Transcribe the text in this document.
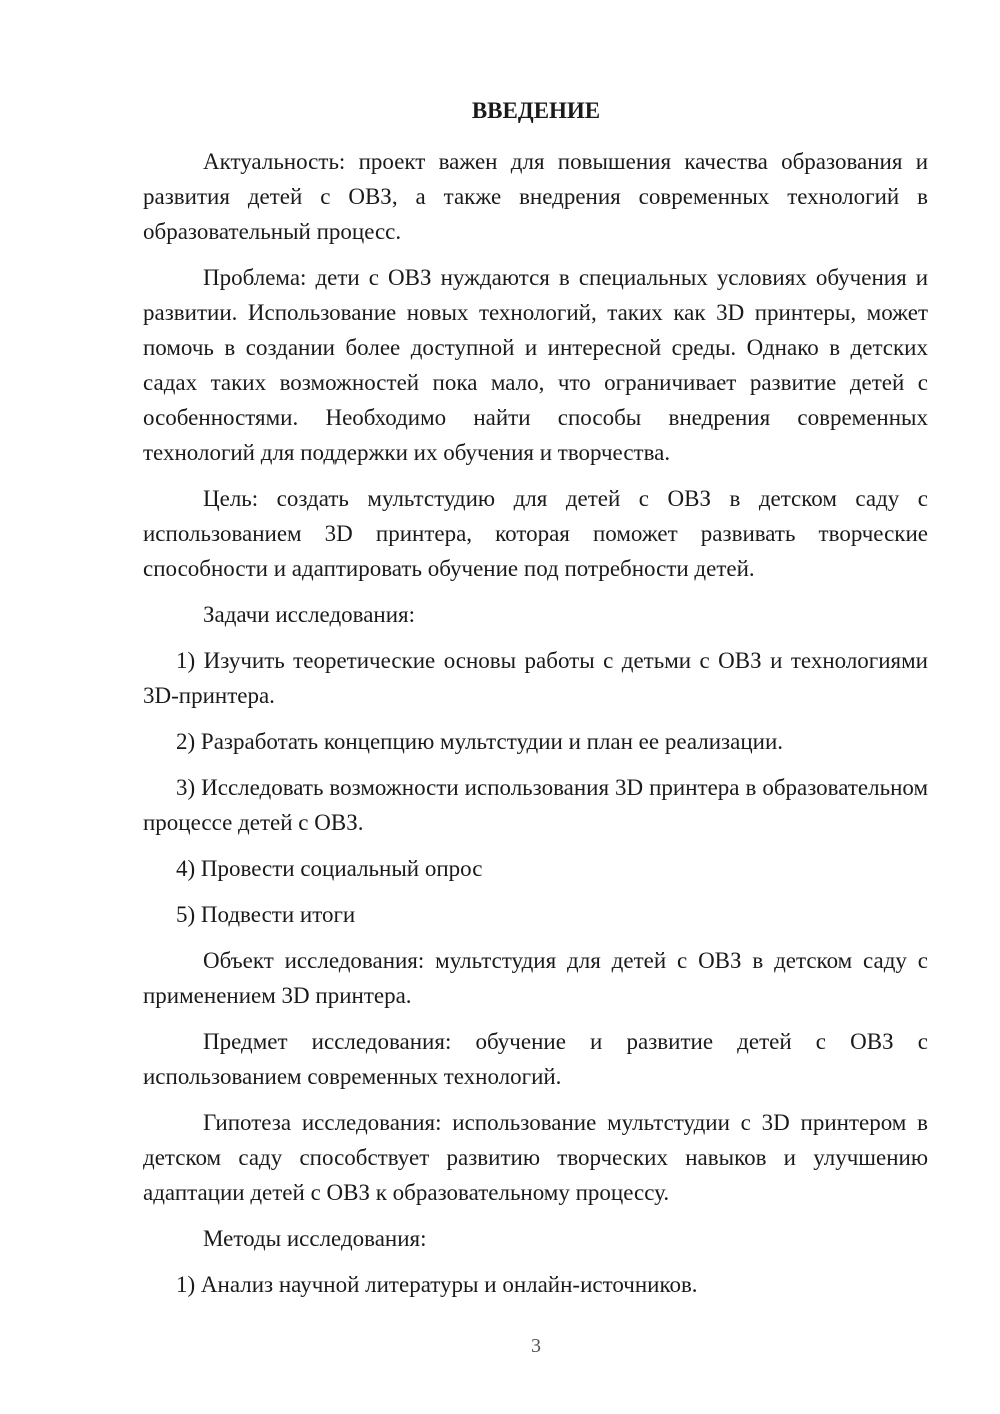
ВВЕДЕНИЕ

Актуальность: проект важен для повышения качества образования и развития детей с ОВЗ, а также внедрения современных технологий в образовательный процесс.

Проблема: дети с ОВЗ нуждаются в специальных условиях обучения и развитии. Использование новых технологий, таких как 3D принтеры, может помочь в создании более доступной и интересной среды. Однако в детских садах таких возможностей пока мало, что ограничивает развитие детей с особенностями. Необходимо найти способы внедрения современных технологий для поддержки их обучения и творчества.

Цель: создать мультстудию для детей с ОВЗ в детском саду с использованием 3D принтера, которая поможет развивать творческие способности и адаптировать обучение под потребности детей.

Задачи исследования:

1) Изучить теоретические основы работы с детьми с ОВЗ и технологиями 3D-принтера.

2) Разработать концепцию мультстудии и план ее реализации.

3) Исследовать возможности использования 3D принтера в образовательном процессе детей с ОВЗ.

4) Провести социальный опрос

5) Подвести итоги

Объект исследования: мультстудия для детей с ОВЗ в детском саду с применением 3D принтера.

Предмет исследования: обучение и развитие детей с ОВЗ с использованием современных технологий.

Гипотеза исследования: использование мультстудии с 3D принтером в детском саду способствует развитию творческих навыков и улучшению адаптации детей с ОВЗ к образовательному процессу.

Методы исследования:

1) Анализ научной литературы и онлайн-источников.

3
